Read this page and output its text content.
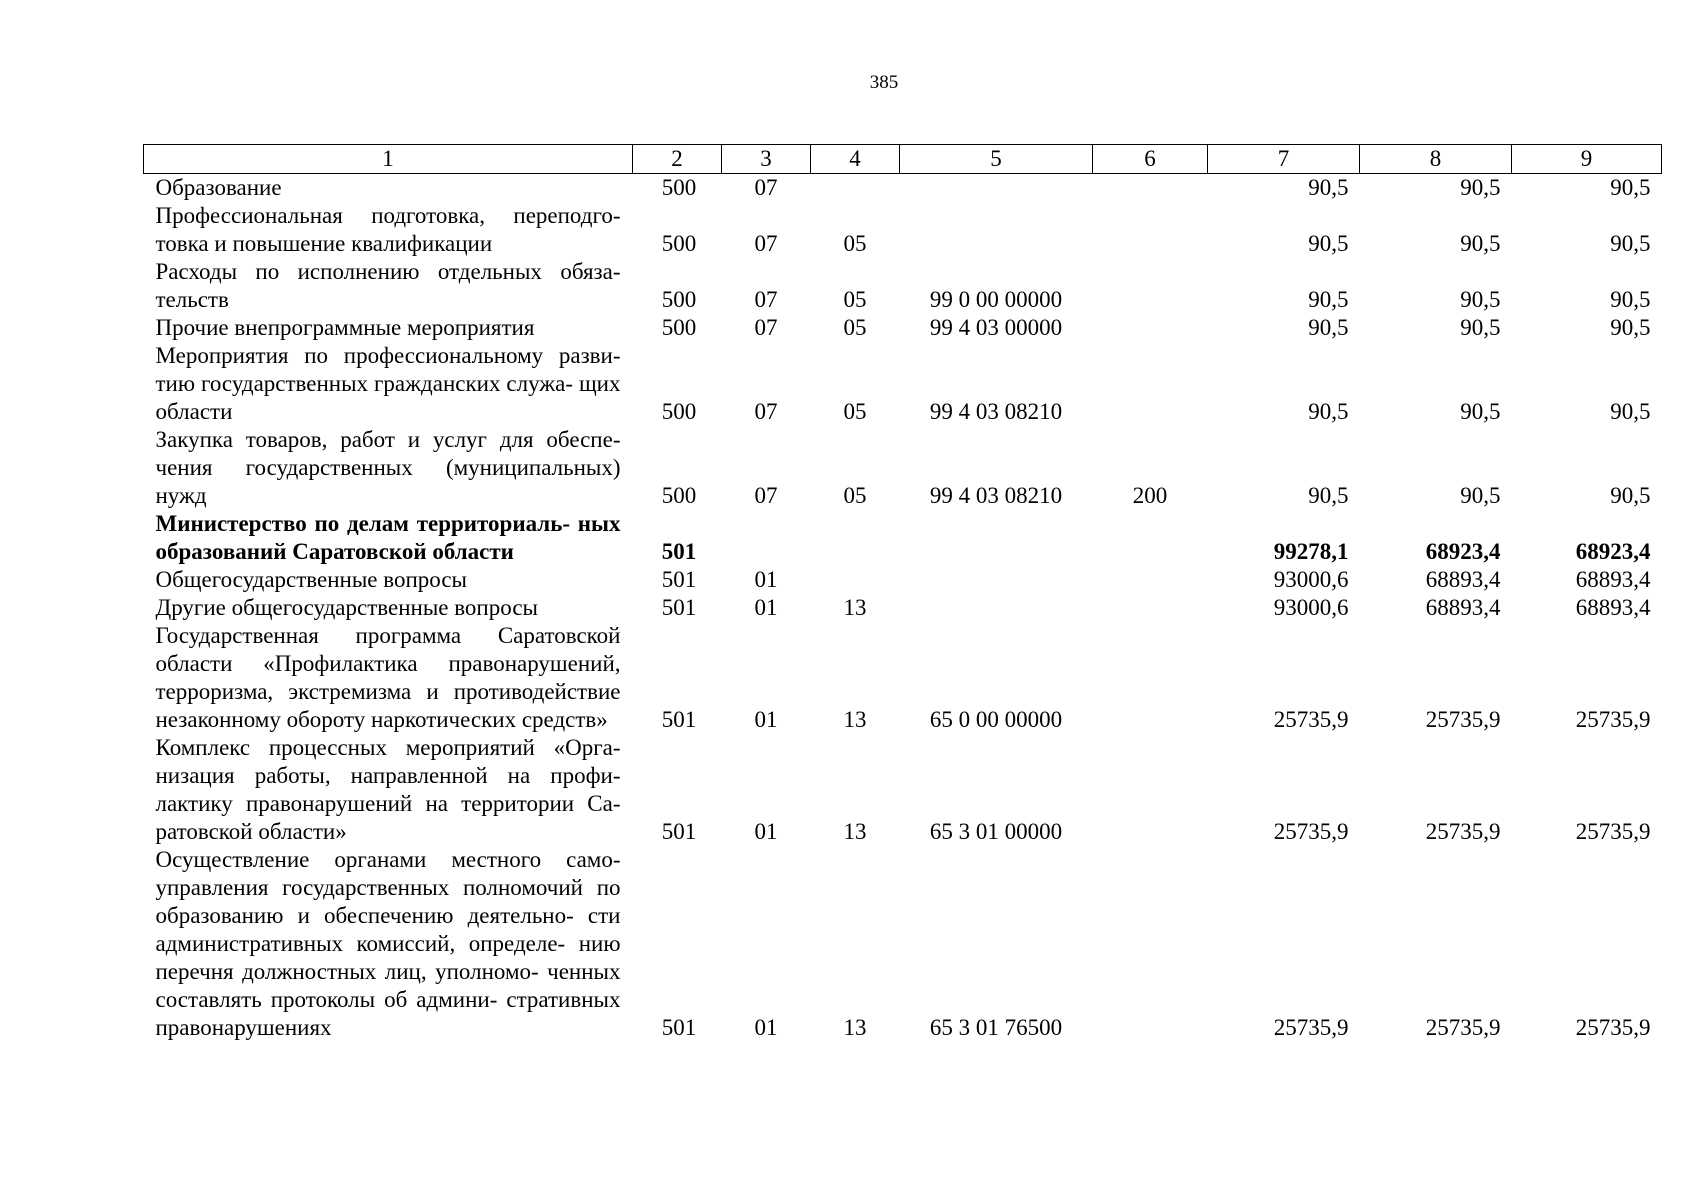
385
1	2	3	4	5	6	7	8	9
Образование	500	07				90,5	90,5	90,5
Профессиональная подготовка, переподго- товка и повышение квалификации	500	07	05			90,5	90,5	90,5
Расходы по исполнению отдельных обяза- тельств	500	07	05	99 0 00 00000		90,5	90,5	90,5
Прочие внепрограммные мероприятия	500	07	05	99 4 03 00000		90,5	90,5	90,5
Мероприятия по профессиональному разви- тию государственных гражданских служа- щих области	500	07	05	99 4 03 08210		90,5	90,5	90,5
Закупка товаров, работ и услуг для обеспе- чения государственных (муниципальных) нужд	500	07	05	99 4 03 08210	200	90,5	90,5	90,5
Министерство по делам территориаль- ных образований Саратовской области	501					99278,1	68923,4	68923,4
Общегосударственные вопросы	501	01				93000,6	68893,4	68893,4
Другие общегосударственные вопросы	501	01	13			93000,6	68893,4	68893,4
Государственная программа Саратовской области «Профилактика правонарушений, терроризма, экстремизма и противодействие незаконному обороту наркотических средств»	501	01	13	65 0 00 00000		25735,9	25735,9	25735,9
Комплекс процессных мероприятий «Орга- низация работы, направленной на профи- лактику правонарушений на территории Са- ратовской области»	501	01	13	65 3 01 00000		25735,9	25735,9	25735,9
Осуществление органами местного само- управления государственных полномочий по образованию и обеспечению деятельно- сти административных комиссий, определе- нию перечня должностных лиц, уполномо- ченных составлять протоколы об админи- стративных правонарушениях	501	01	13	65 3 01 76500		25735,9	25735,9	25735,9
